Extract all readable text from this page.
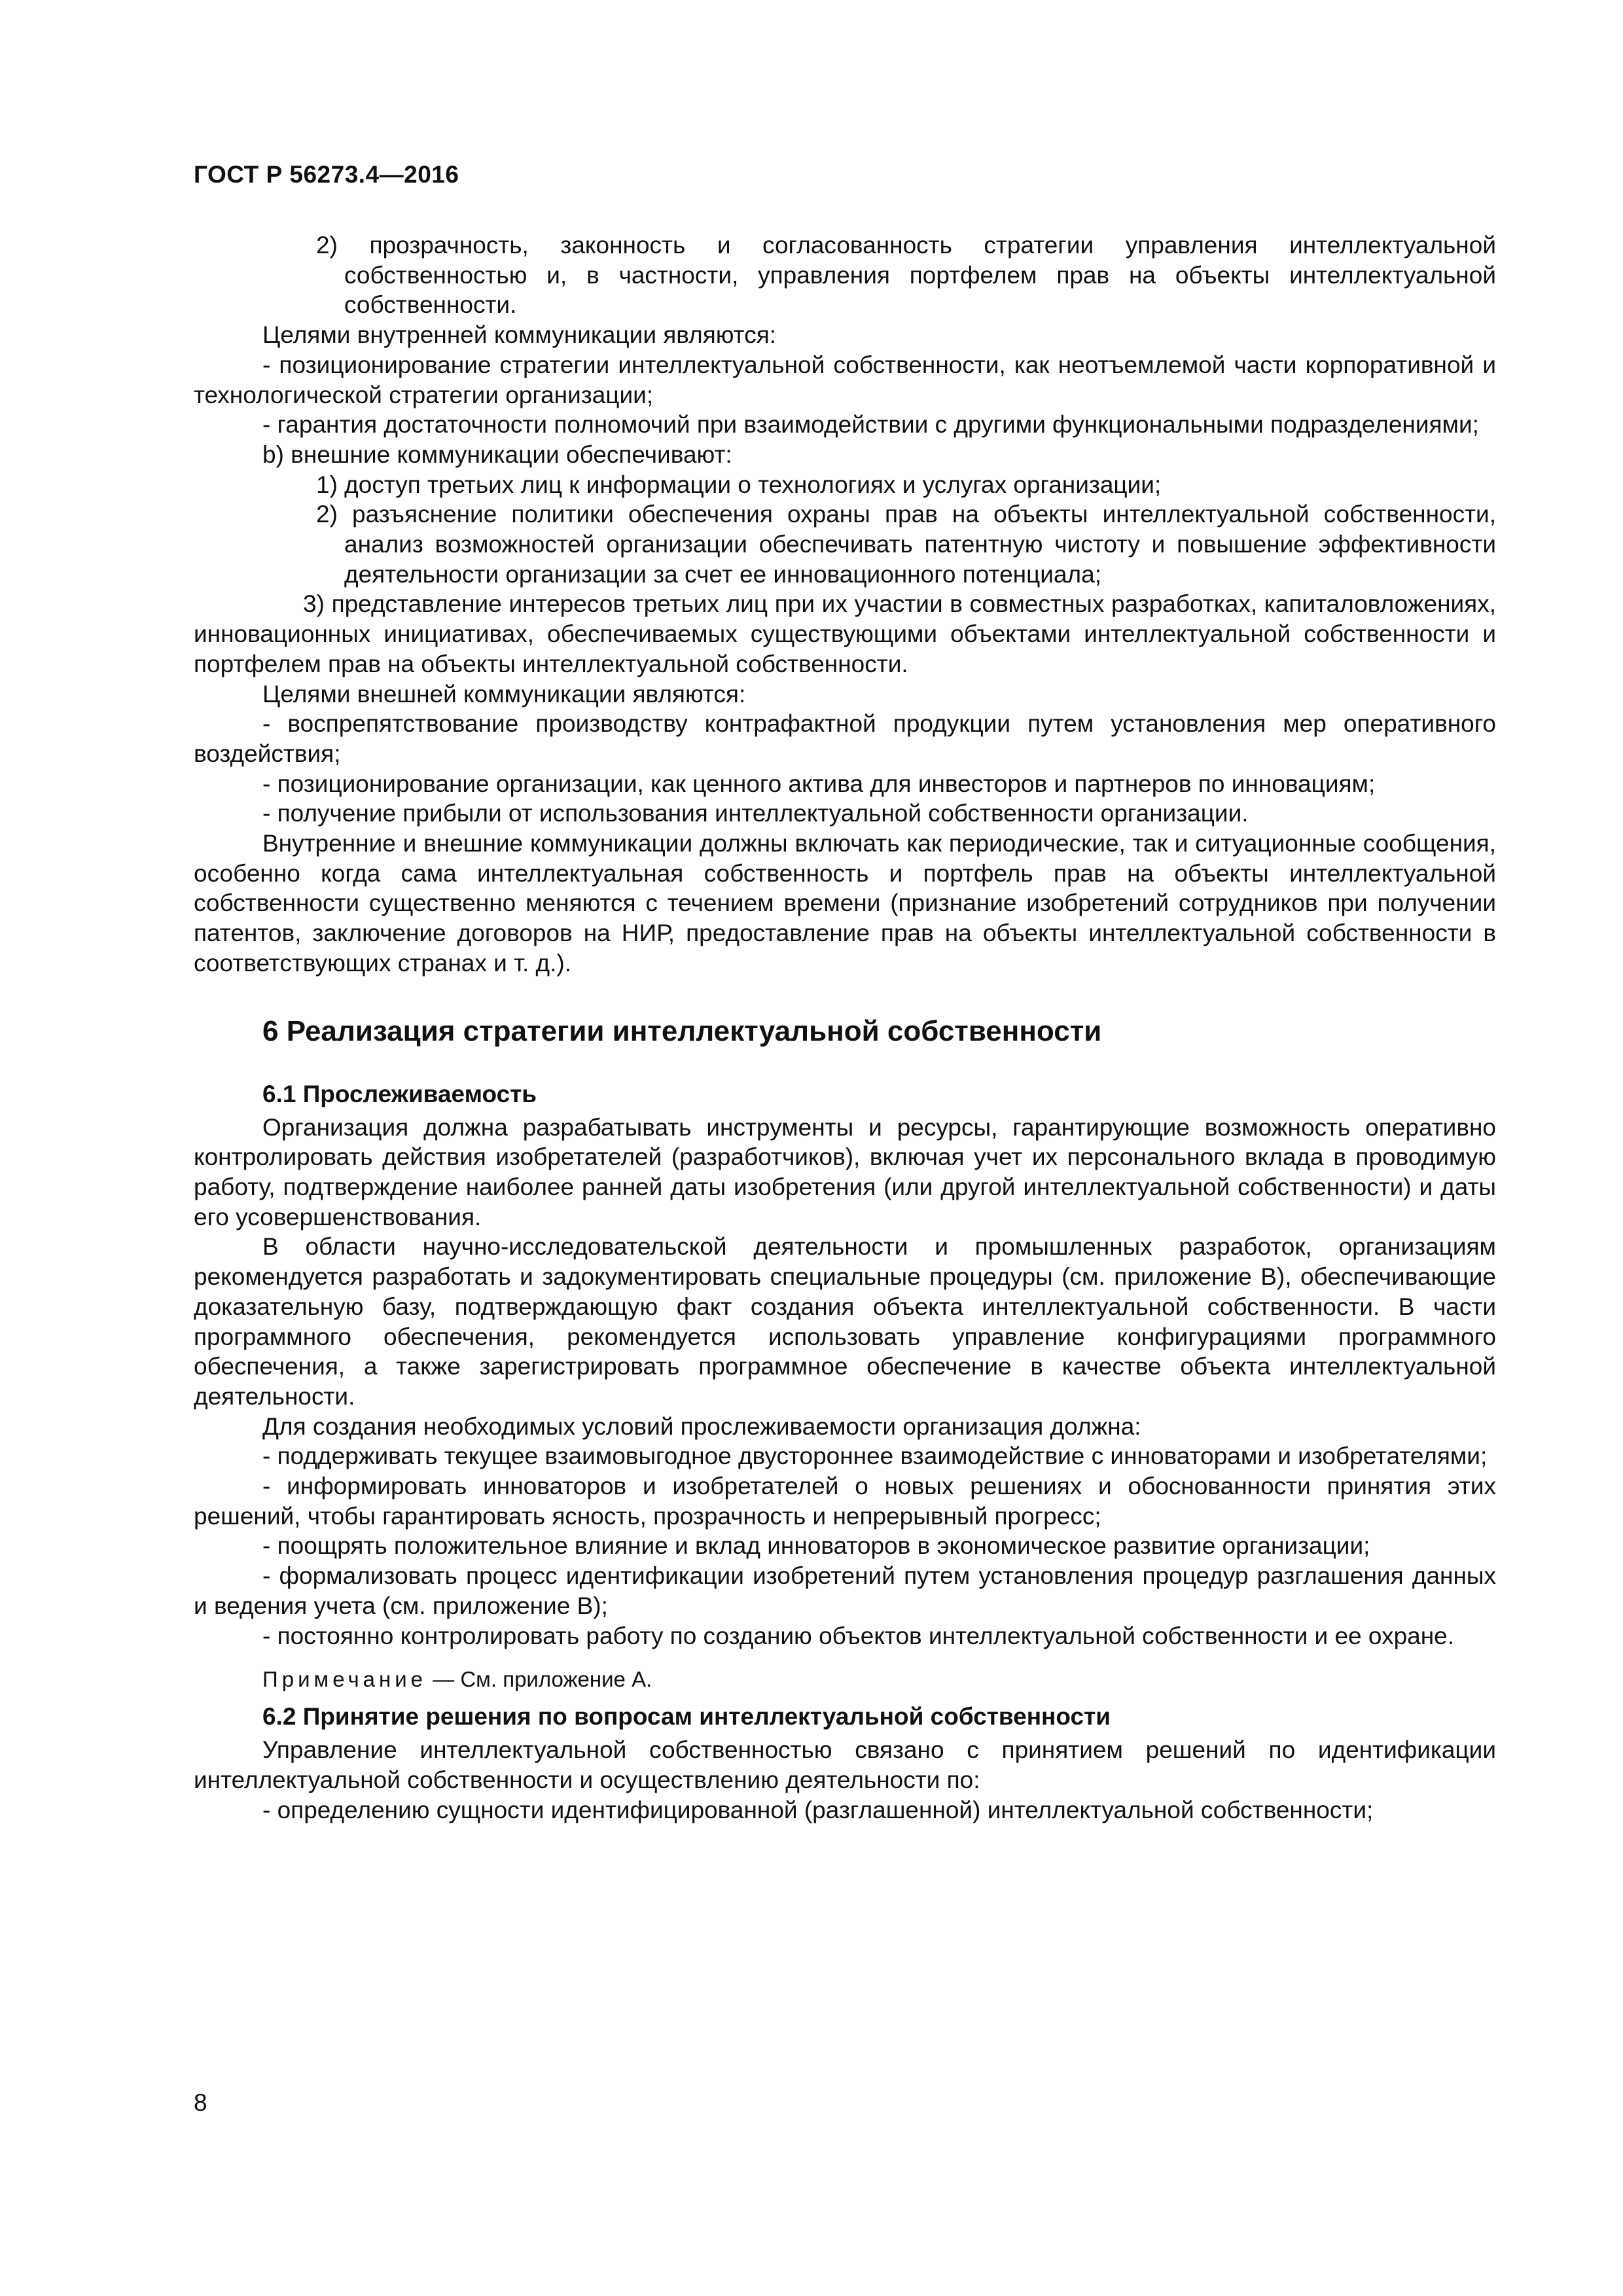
ГОСТ Р 56273.4—2016

2) прозрачность, законность и согласованность стратегии управления интеллектуальной собственностью и, в частности, управления портфелем прав на объекты интеллектуальной собственности.

Целями внутренней коммуникации являются:

- позиционирование стратегии интеллектуальной собственности, как неотъемлемой части корпоративной и технологической стратегии организации;

- гарантия достаточности полномочий при взаимодействии с другими функциональными подразделениями;

b) внешние коммуникации обеспечивают:

1) доступ третьих лиц к информации о технологиях и услугах организации;

2) разъяснение политики обеспечения охраны прав на объекты интеллектуальной собственности, анализ возможностей организации обеспечивать патентную чистоту и повышение эффективности деятельности организации за счет ее инновационного потенциала;

3) представление интересов третьих лиц при их участии в совместных разработках, капиталовложениях, инновационных инициативах, обеспечиваемых существующими объектами интеллектуальной собственности и портфелем прав на объекты интеллектуальной собственности.

Целями внешней коммуникации являются:

- воспрепятствование производству контрафактной продукции путем установления мер оперативного воздействия;

- позиционирование организации, как ценного актива для инвесторов и партнеров по инновациям;

- получение прибыли от использования интеллектуальной собственности организации.

Внутренние и внешние коммуникации должны включать как периодические, так и ситуационные сообщения, особенно когда сама интеллектуальная собственность и портфель прав на объекты интеллектуальной собственности существенно меняются с течением времени (признание изобретений сотрудников при получении патентов, заключение договоров на НИР, предоставление прав на объекты интеллектуальной собственности в соответствующих странах и т. д.).

6 Реализация стратегии интеллектуальной собственности
6.1 Прослеживаемость

Организация должна разрабатывать инструменты и ресурсы, гарантирующие возможность оперативно контролировать действия изобретателей (разработчиков), включая учет их персонального вклада в проводимую работу, подтверждение наиболее ранней даты изобретения (или другой интеллектуальной собственности) и даты его усовершенствования.

В области научно-исследовательской деятельности и промышленных разработок, организациям рекомендуется разработать и задокументировать специальные процедуры (см. приложение В), обеспечивающие доказательную базу, подтверждающую факт создания объекта интеллектуальной собственности. В части программного обеспечения, рекомендуется использовать управление конфигурациями программного обеспечения, а также зарегистрировать программное обеспечение в качестве объекта интеллектуальной деятельности.

Для создания необходимых условий прослеживаемости организация должна:

- поддерживать текущее взаимовыгодное двустороннее взаимодействие с инноваторами и изобретателями;

- информировать инноваторов и изобретателей о новых решениях и обоснованности принятия этих решений, чтобы гарантировать ясность, прозрачность и непрерывный прогресс;

- поощрять положительное влияние и вклад инноваторов в экономическое развитие организации;

- формализовать процесс идентификации изобретений путем установления процедур разглашения данных и ведения учета (см. приложение В);

- постоянно контролировать работу по созданию объектов интеллектуальной собственности и ее охране.

Примечание — См. приложение А.

6.2 Принятие решения по вопросам интеллектуальной собственности

Управление интеллектуальной собственностью связано с принятием решений по идентификации интеллектуальной собственности и осуществлению деятельности по:

- определению сущности идентифицированной (разглашенной) интеллектуальной собственности;

8
